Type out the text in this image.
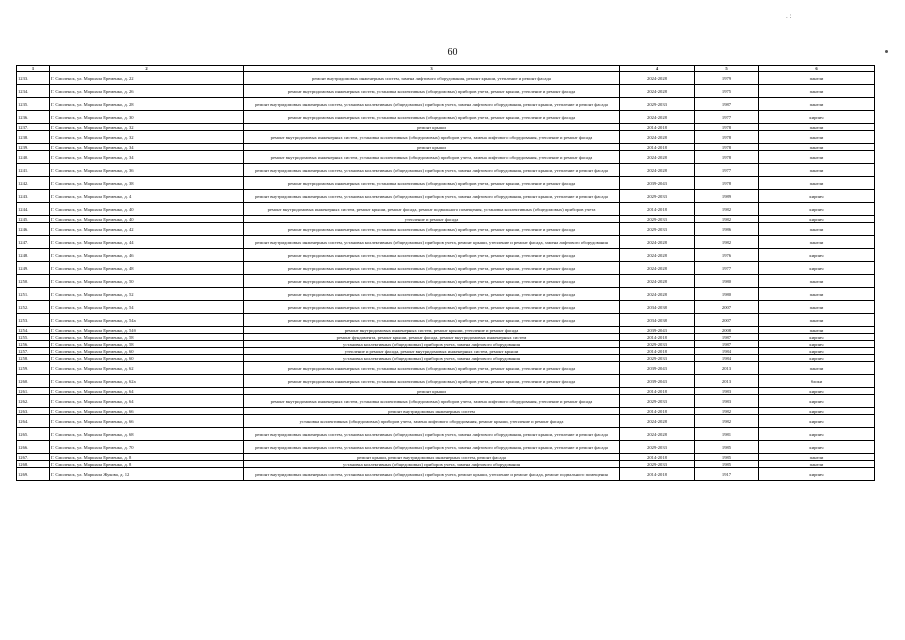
60
. :
1	2	3	4	5	6
1233.	Г. Смоленск, ул. Маршала Еременко, д. 22	ремонт внутридомовых инженерных систем, замена лифтового оборудования, ремонт крыши, утепление и ремонт фасада	2024-2028	1979	панели
1234.	Г. Смоленск, ул. Маршала Еременко, д. 26	ремонт внутридомовых инженерных систем, установка коллективных (общедомовых) приборов учета, ремонт крыши, утепление и ремонт фасада	2024-2028	1975	панели
1235.	Г. Смоленск, ул. Маршала Еременко, д. 28	ремонт внутридомовых инженерных систем, установка коллективных (общедомовых) приборов учета, замена лифтового оборудования, ремонт крыши, утепление и ремонт фасада	2029-2033	1987	панели
1236.	Г. Смоленск, ул. Маршала Еременко, д. 30	ремонт внутридомовых инженерных систем, установка коллективных (общедомовых) приборов учета, ремонт крыши, утепление и ремонт фасада	2024-2028	1977	кирпич
1237.	Г. Смоленск, ул. Маршала Еременко, д. 32	ремонт крыши	2014-2018	1978	панели
1238.	Г. Смоленск, ул. Маршала Еременко, д. 32	ремонт внутридомовых инженерных систем, установка коллективных (общедомовых) приборов учета, замена лифтового оборудования, утепление и ремонт фасада	2024-2028	1978	панели
1239.	Г. Смоленск, ул. Маршала Еременко, д. 34	ремонт крыши	2014-2018	1978	панели
1240.	Г. Смоленск, ул. Маршала Еременко, д. 34	ремонт внутридомовых инженерных систем, установка коллективных (общедомовых) приборов учета, замена лифтового оборудования, утепление и ремонт фасада	2024-2028	1978	панели
1241.	Г. Смоленск, ул. Маршала Еременко, д. 36	ремонт внутридомовых инженерных систем, установка коллективных (общедомовых) приборов учета, замена лифтового оборудования, ремонт крыши, утепление и ремонт фасада	2024-2028	1977	панели
1242.	Г. Смоленск, ул. Маршала Еременко, д. 38	ремонт внутридомовых инженерных систем, установка коллективных (общедомовых) приборов учета, ремонт крыши, утепление и ремонт фасада	2039-2043	1978	панели
1243.	Г. Смоленск, ул. Маршала Еременко, д. 4	ремонт внутридомовых инженерных систем, установка коллективных (общедомовых) приборов учета, замена лифтового оборудования, ремонт крыши, утепление и ремонт фасада	2029-2033	1989	кирпич
1244.	Г. Смоленск, ул. Маршала Еременко, д. 40	ремонт внутридомовых инженерных систем, ремонт крыши, ремонт фасада, ремонт подвального помещения, установка коллективных (общедомовых) приборов учета	2014-2018	1982	кирпич
1245.	Г. Смоленск, ул. Маршала Еременко, д. 40	утепление и ремонт фасада	2029-2033	1982	кирпич
1246.	Г. Смоленск, ул. Маршала Еременко, д. 42	ремонт внутридомовых инженерных систем, установка коллективных (общедомовых) приборов учета, ремонт крыши, утепление и ремонт фасада	2029-2033	1986	панели
1247.	Г. Смоленск, ул. Маршала Еременко, д. 44	ремонт внутридомовых инженерных систем, установка коллективных (общедомовых) приборов учета, ремонт крыши, утепление и ремонт фасада, замена лифтового оборудования	2024-2028	1982	панели
1248.	Г. Смоленск, ул. Маршала Еременко, д. 46	ремонт внутридомовых инженерных систем, установка коллективных (общедомовых) приборов учета, ремонт крыши, утепление и ремонт фасада	2024-2028	1976	кирпич
1249.	Г. Смоленск, ул. Маршала Еременко, д. 48	ремонт внутридомовых инженерных систем, установка коллективных (общедомовых) приборов учета, ремонт крыши, утепление и ремонт фасада	2024-2028	1977	кирпич
1250.	Г. Смоленск, ул. Маршала Еременко, д. 50	ремонт внутридомовых инженерных систем, установка коллективных (общедомовых) приборов учета, ремонт крыши, утепление и ремонт фасада	2024-2028	1980	панели
1251.	Г. Смоленск, ул. Маршала Еременко, д. 52	ремонт внутридомовых инженерных систем, установка коллективных (общедомовых) приборов учета, ремонт крыши, утепление и ремонт фасада	2024-2028	1980	панели
1252.	Г. Смоленск, ул. Маршала Еременко, д. 54	ремонт внутридомовых инженерных систем, установка коллективных (общедомовых) приборов учета, ремонт крыши, утепление и ремонт фасада	2034-2038	2007	панели
1253.	Г. Смоленск, ул. Маршала Еременко, д. 54а	ремонт внутридомовых инженерных систем, установка коллективных (общедомовых) приборов учета, ремонт крыши, утепление и ремонт фасада	2034-2038	2007	панели
1254.	Г. Смоленск, ул. Маршала Еременко, д. 54б	ремонт внутридомовых инженерных систем, ремонт крыши, утепление и ремонт фасада	2039-2043	2008	панели
1255.	Г. Смоленск, ул. Маршала Еременко, д. 58	ремонт фундамента, ремонт крыши, ремонт фасада, ремонт внутридомовых инженерных систем	2014-2018	1987	кирпич
1256.	Г. Смоленск, ул. Маршала Еременко, д. 58	установка коллективных (общедомовых) приборов учета, замена лифтового оборудования	2029-2033	1987	кирпич
1257.	Г. Смоленск, ул. Маршала Еременко, д. 60	утепление и ремонт фасада, ремонт внутридомовых инженерных систем, ремонт крыши	2014-2018	1984	кирпич
1258.	Г. Смоленск, ул. Маршала Еременко, д. 60	установка коллективных (общедомовых) приборов учета, замена лифтового оборудования	2029-2033	1984	кирпич
1259.	Г. Смоленск, ул. Маршала Еременко, д. 62	ремонт внутридомовых инженерных систем, установка коллективных (общедомовых) приборов учета, ремонт крыши, утепление и ремонт фасада	2039-2043	2013	панели
1260.	Г. Смоленск, ул. Маршала Еременко, д. 62а	ремонт внутридомовых инженерных систем, установка коллективных (общедомовых) приборов учета, ремонт крыши, утепление и ремонт фасада	2039-2043	2013	блоки
1261.	Г. Смоленск, ул. Маршала Еременко, д. 64	ремонт крыши	2014-2018	1983	кирпич
1262.	Г. Смоленск, ул. Маршала Еременко, д. 64	ремонт внутридомовых инженерных систем, установка коллективных (общедомовых) приборов учета, замена лифтового оборудования, утепление и ремонт фасада	2029-2033	1983	кирпич
1263.	Г. Смоленск, ул. Маршала Еременко, д. 66	ремонт внутридомовых инженерных систем	2014-2018	1982	кирпич
1264.	Г. Смоленск, ул. Маршала Еременко, д. 66	установка коллективных (общедомовых) приборов учета, замена лифтового оборудования, ремонт крыши, утепление и ремонт фасада	2024-2028	1982	кирпич
1265.	Г. Смоленск, ул. Маршала Еременко, д. 68	ремонт внутридомовых инженерных систем, установка коллективных (общедомовых) приборов учета, замена лифтового оборудования, ремонт крыши, утепление и ремонт фасада	2024-2028	1981	кирпич
1266.	Г. Смоленск, ул. Маршала Еременко, д. 70	ремонт внутридомовых инженерных систем, установка коллективных (общедомовых) приборов учета, замена лифтового оборудования, ремонт крыши, утепление и ремонт фасада	2029-2033	1985	кирпич
1267.	Г. Смоленск, ул. Маршала Еременко, д. 8	ремонт крыши, ремонт внутридомовых инженерных систем, ремонт фасада	2014-2018	1985	панели
1268.	Г. Смоленск, ул. Маршала Еременко, д. 8	установка коллективных (общедомовых) приборов учета, замена лифтового оборудования	2029-2033	1985	панели
1269.	Г. Смоленск, ул. Маршала Жукова, д. 12	ремонт внутридомовых инженерных систем, установка коллективных (общедомовых) приборов учета, ремонт крыши, утепление и ремонт фасада, ремонт подвального помещения	2014-2018	1917	кирпич
